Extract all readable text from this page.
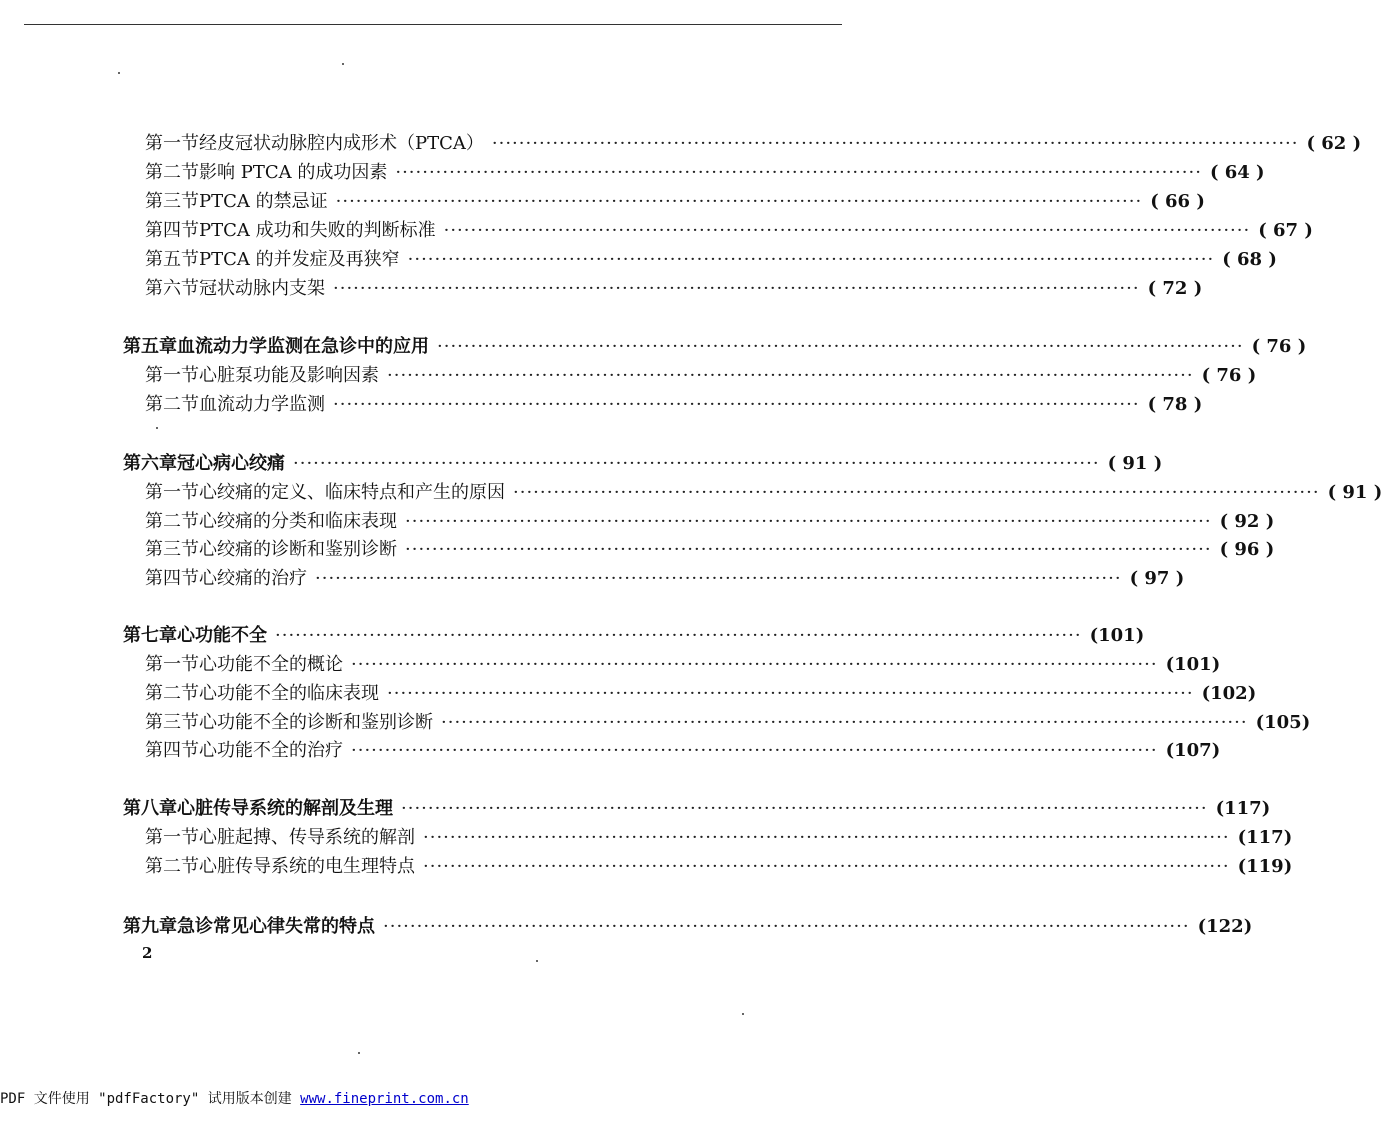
第一节 经皮冠状动脉腔内成形术（PTCA） ························································································································ ( 62 )
第二节 影响 PTCA 的成功因素 ························································································································ ( 64 )
第三节 PTCA 的禁忌证 ························································································································ ( 66 )
第四节 PTCA 成功和失败的判断标准 ························································································································ ( 67 )
第五节 PTCA 的并发症及再狭窄 ························································································································ ( 68 )
第六节 冠状动脉内支架 ························································································································ ( 72 )
第五章 血流动力学监测在急诊中的应用 ························································································································ ( 76 )
第一节 心脏泵功能及影响因素 ························································································································ ( 76 )
第二节 血流动力学监测 ························································································································ ( 78 )
第六章 冠心病心绞痛 ························································································································ ( 91 )
第一节 心绞痛的定义、临床特点和产生的原因 ························································································································ ( 91 )
第二节 心绞痛的分类和临床表现 ························································································································ ( 92 )
第三节 心绞痛的诊断和鉴别诊断 ························································································································ ( 96 )
第四节 心绞痛的治疗 ························································································································ ( 97 )
第七章 心功能不全 ························································································································ (101)
第一节 心功能不全的概论 ························································································································ (101)
第二节 心功能不全的临床表现 ························································································································ (102)
第三节 心功能不全的诊断和鉴别诊断 ························································································································ (105)
第四节 心功能不全的治疗 ························································································································ (107)
第八章 心脏传导系统的解剖及生理 ························································································································ (117)
第一节 心脏起搏、传导系统的解剖 ························································································································ (117)
第二节 心脏传导系统的电生理特点 ························································································································ (119)
第九章 急诊常见心律失常的特点 ························································································································ (122)
2
PDF 文件使用 "pdfFactory" 试用版本创建 www.fineprint.com.cn
